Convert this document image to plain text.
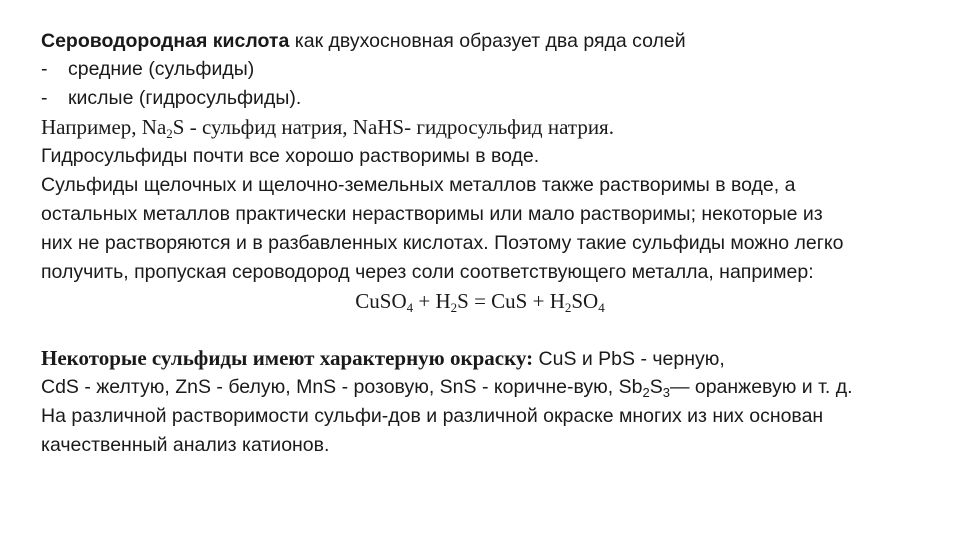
Сероводородная кислота как двухосновная образует два ряда солей
- средние (сульфиды)
- кислые (гидросульфиды).
Например, $Na_2S$ - сульфид натрия, NaHS- гидросульфид натрия.
Гидросульфиды почти все хорошо растворимы в воде.
Сульфиды щелочных и щелочно-земельных металлов также растворимы в воде, а
остальных металлов практически нерастворимы или мало растворимы; некоторые из
них не растворяются и в разбавленных кислотах. Поэтому такие сульфиды можно легко
получить, пропуская сероводород через соли соответствующего металла, например:
CuSO$_4$ + $H_2S$ = CuS + $H_2SO_4$
Некоторые сульфиды имеют характерную окраску: CuS и PbS - черную,
CdS - желтую, ZnS - белую, MnS - розовую, SnS - коричне-вую, $Sb_2S_3—$ оранжевую и т. д.
На различной растворимости сульфи-дов и различной окраске многих из них основан
качественный анализ катионов.
